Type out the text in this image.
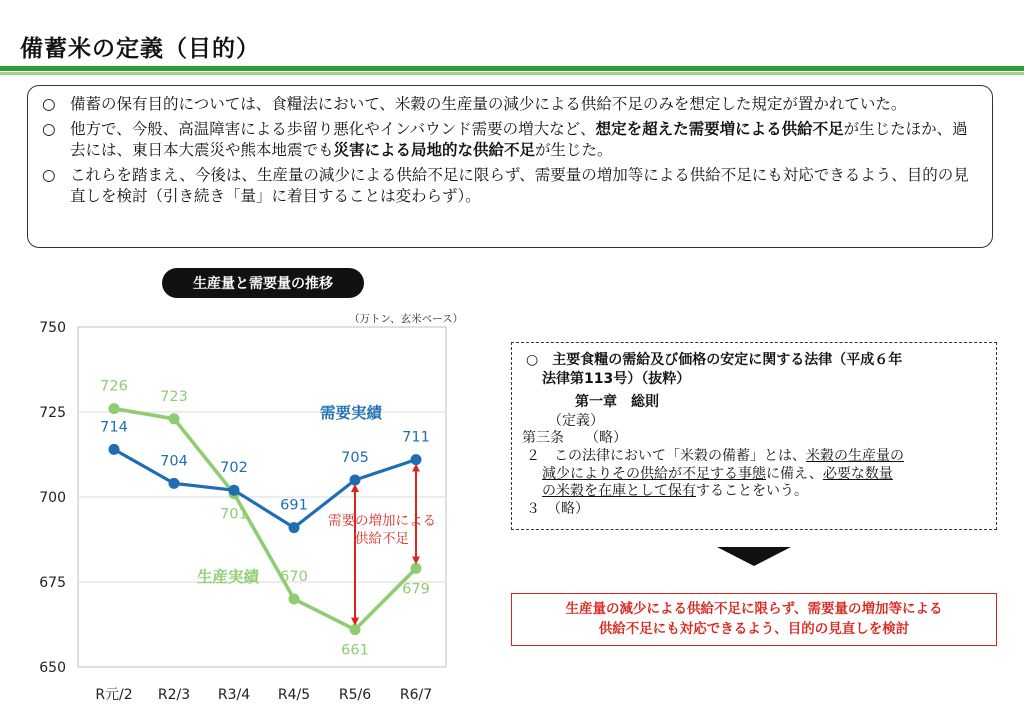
備蓄米の定義（目的）
○ 備蓄の保有目的については、食糧法において、米穀の生産量の減少による供給不足のみを想定した規定が置かれていた。
○ 他方で、今般、高温障害による歩留り悪化やインバウンド需要の増大など、想定を超えた需要増による供給不足が生じたほか、過去には、東日本大震災や熊本地震でも災害による局地的な供給不足が生じた。
○ これらを踏まえ、今後は、生産量の減少による供給不足に限らず、需要量の増加等による供給不足にも対応できるよう、目的の見直しを検討（引き続き「量」に着目することは変わらず）。
生産量と需要量の推移
（万トン、玄米ベース）
650
675
700
725
750
R元/2 R2/3 R3/4 R4/5 R5/6 R6/7
726
723
701
670
661
679
714
704 702
691
705
711
需要実績
生産実績
需要の増加による
供給不足
○　主要食糧の需給及び価格の安定に関する法律（平成６年
法律第113号）（抜粋）
第一章　総則
（定義）
第三条　　（略）
２　この法律において「米穀の備蓄」とは、米穀の生産量の
減少によりその供給が不足する事態に備え、必要な数量
の米穀を在庫として保有することをいう。
３　（略）
生産量の減少による供給不足に限らず、需要量の増加等による
供給不足にも対応できるよう、目的の見直しを検討
